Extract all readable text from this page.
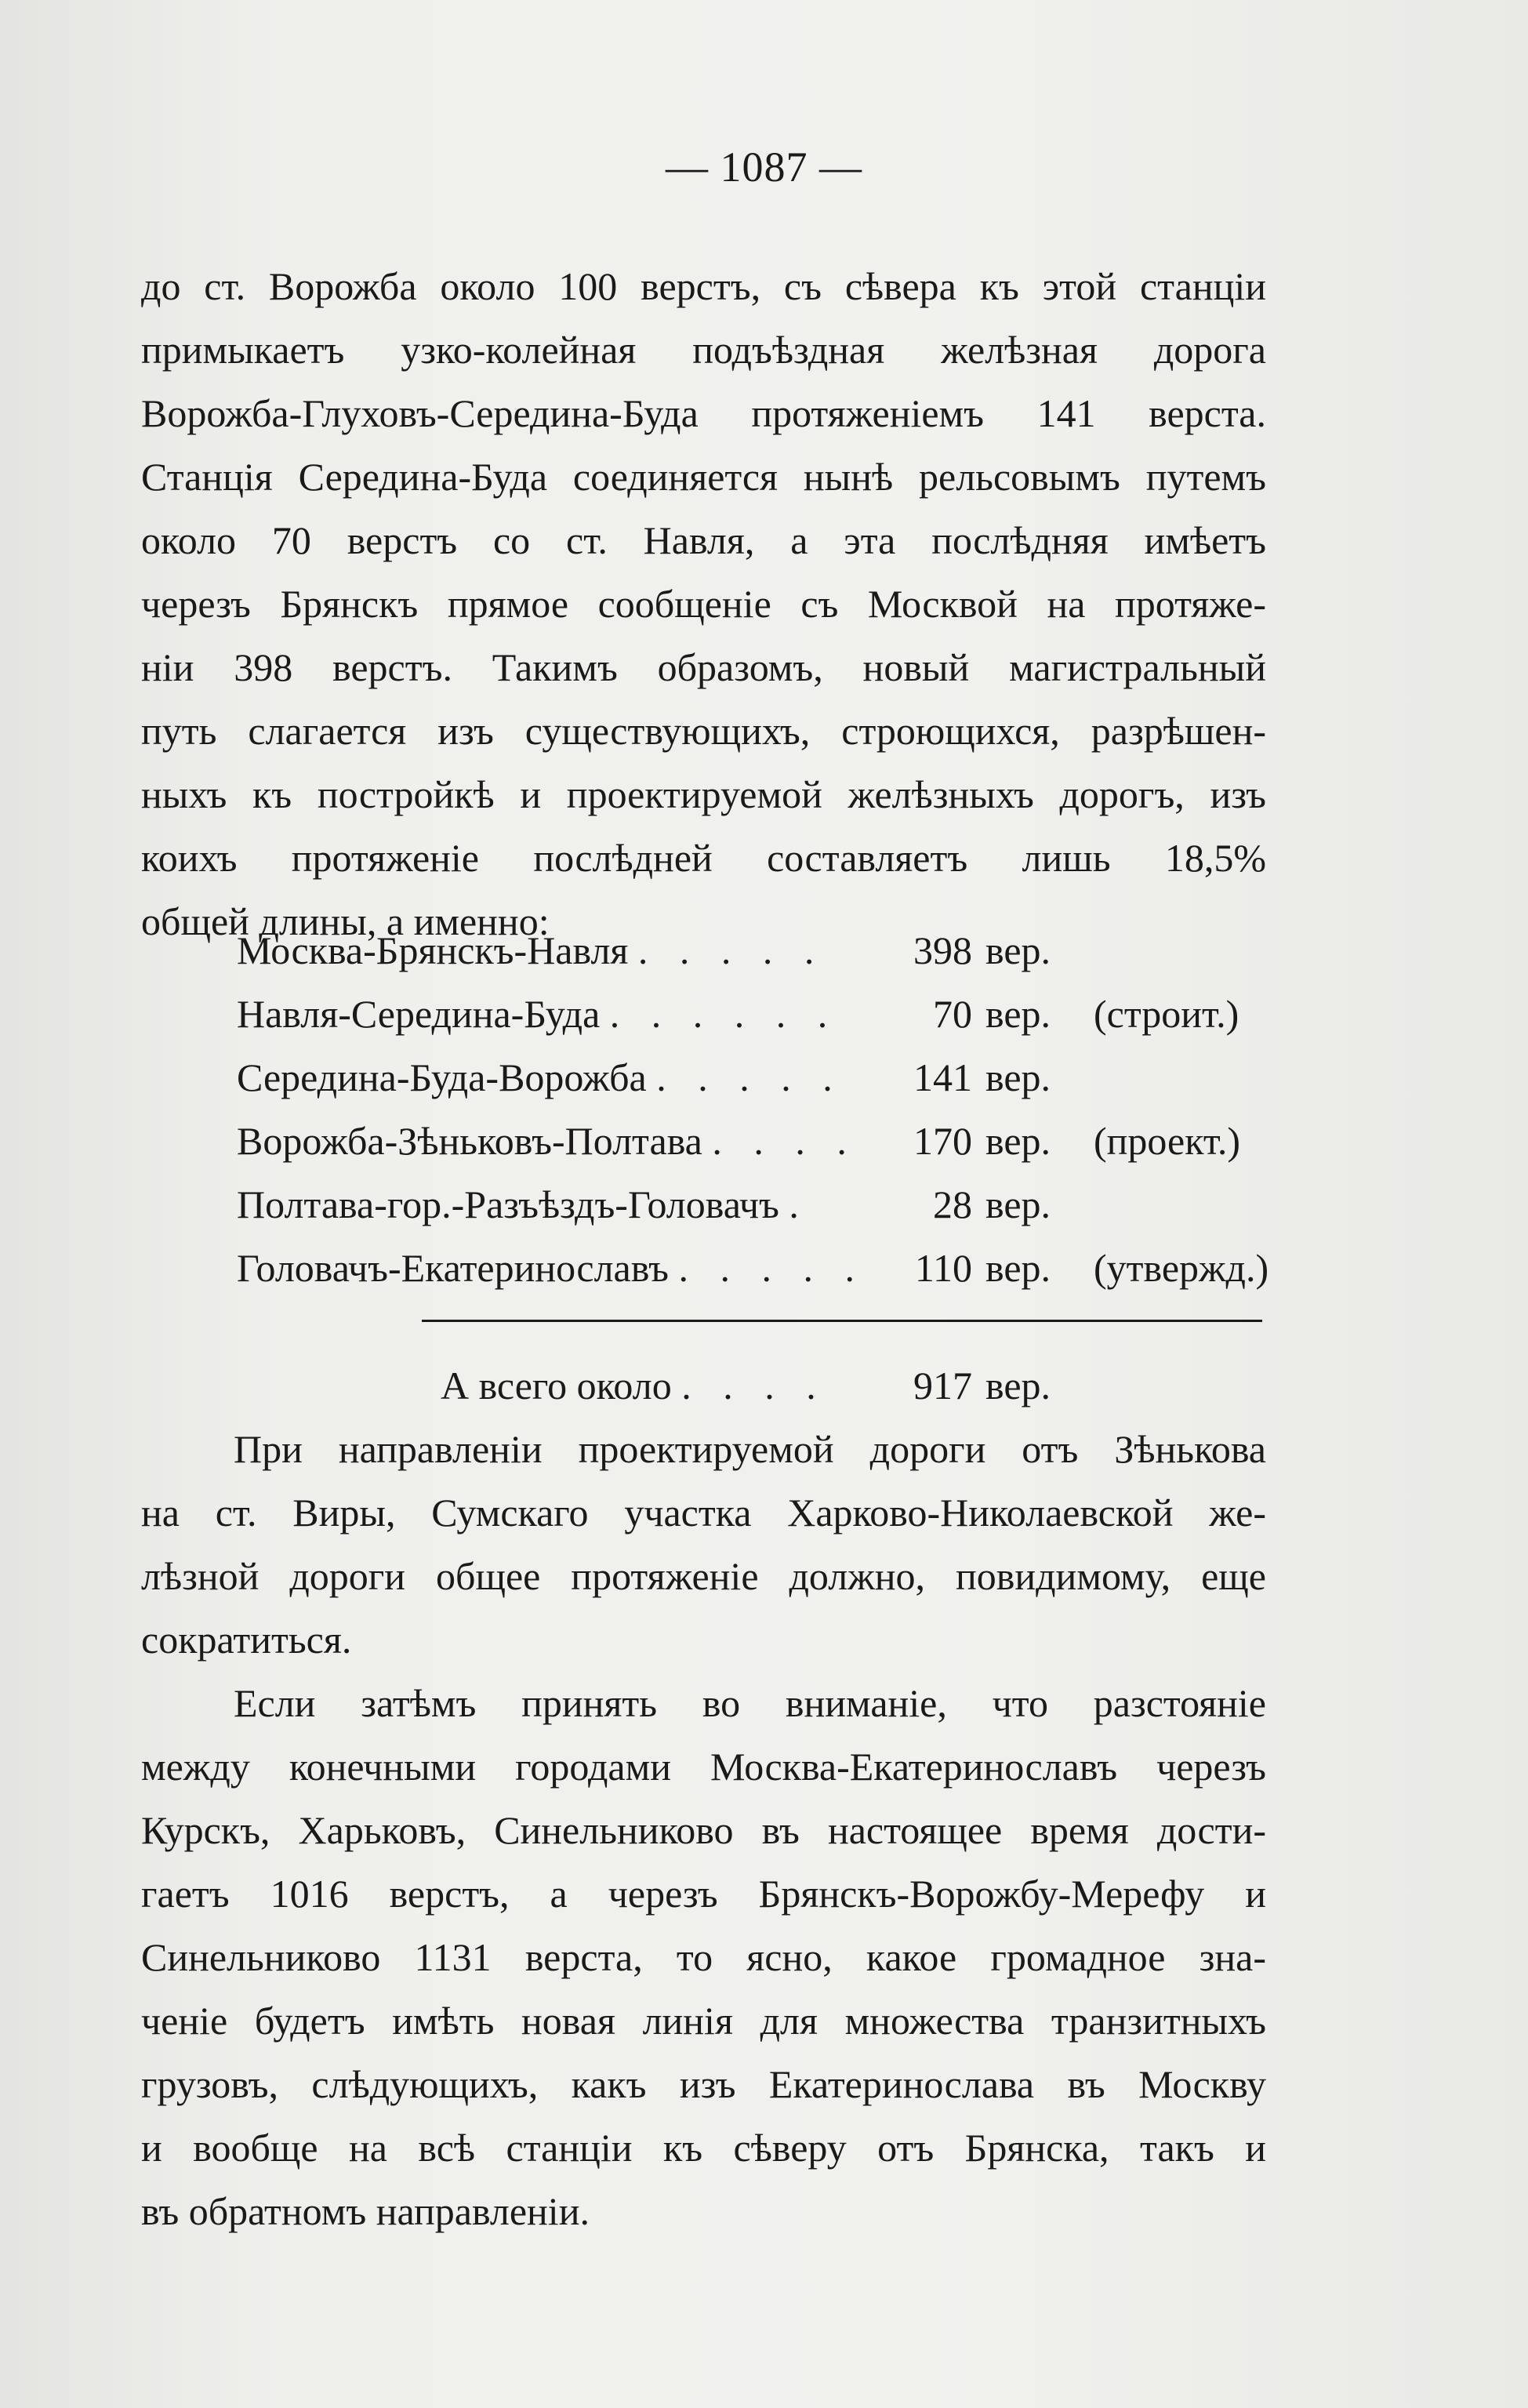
— 1087 —
до ст. Ворожба около 100 верстъ, съ сѣвера къ этой станціи
примыкаетъ узко-колейная подъѣздная желѣзная дорога
Ворожба-Глуховъ-Середина-Буда протяженіемъ 141 верста.
Станція Середина-Буда соединяется нынѣ рельсовымъ путемъ
около 70 верстъ со ст. Навля, а эта послѣдняя имѣетъ
черезъ Брянскъ прямое сообщеніе съ Москвой на протяже-
ніи 398 верстъ. Такимъ образомъ, новый магистральный
путь слагается изъ существующихъ, строющихся, разрѣшен-
ныхъ къ постройкѣ и проектируемой желѣзныхъ дорогъ, изъ
коихъ протяженіе послѣдней составляетъ лишь 18,5%
общей длины, а именно:
Москва-Брянскъ-Навля . . . . .	398 вер.
Навля-Середина-Буда . . . . . .	70 вер. (строит.)
Середина-Буда-Ворожба . . . . .	141 вер.
Ворожба-Зѣньковъ-Полтава . . . .	170 вер. (проект.)
Полтава-гор.-Разъѣздъ-Головачъ .	28 вер.
Головачъ-Екатеринославъ . . . . .	110 вер. (утвержд.)
А всего около . . . .	917 вер.
При направленіи проектируемой дороги отъ Зѣнькова
на ст. Виры, Сумскаго участка Харково-Николаевской же-
лѣзной дороги общее протяженіе должно, повидимому, еще
сократиться.
Если затѣмъ принять во вниманіе, что разстояніе
между конечными городами Москва-Екатеринославъ черезъ
Курскъ, Харьковъ, Синельниково въ настоящее время дости-
гаетъ 1016 верстъ, а черезъ Брянскъ-Ворожбу-Мерефу и
Синельниково 1131 верста, то ясно, какое громадное зна-
ченіе будетъ имѣть новая линія для множества транзитныхъ
грузовъ, слѣдующихъ, какъ изъ Екатеринослава въ Москву
и вообще на всѣ станціи къ сѣверу отъ Брянска, такъ и
въ обратномъ направленіи.
